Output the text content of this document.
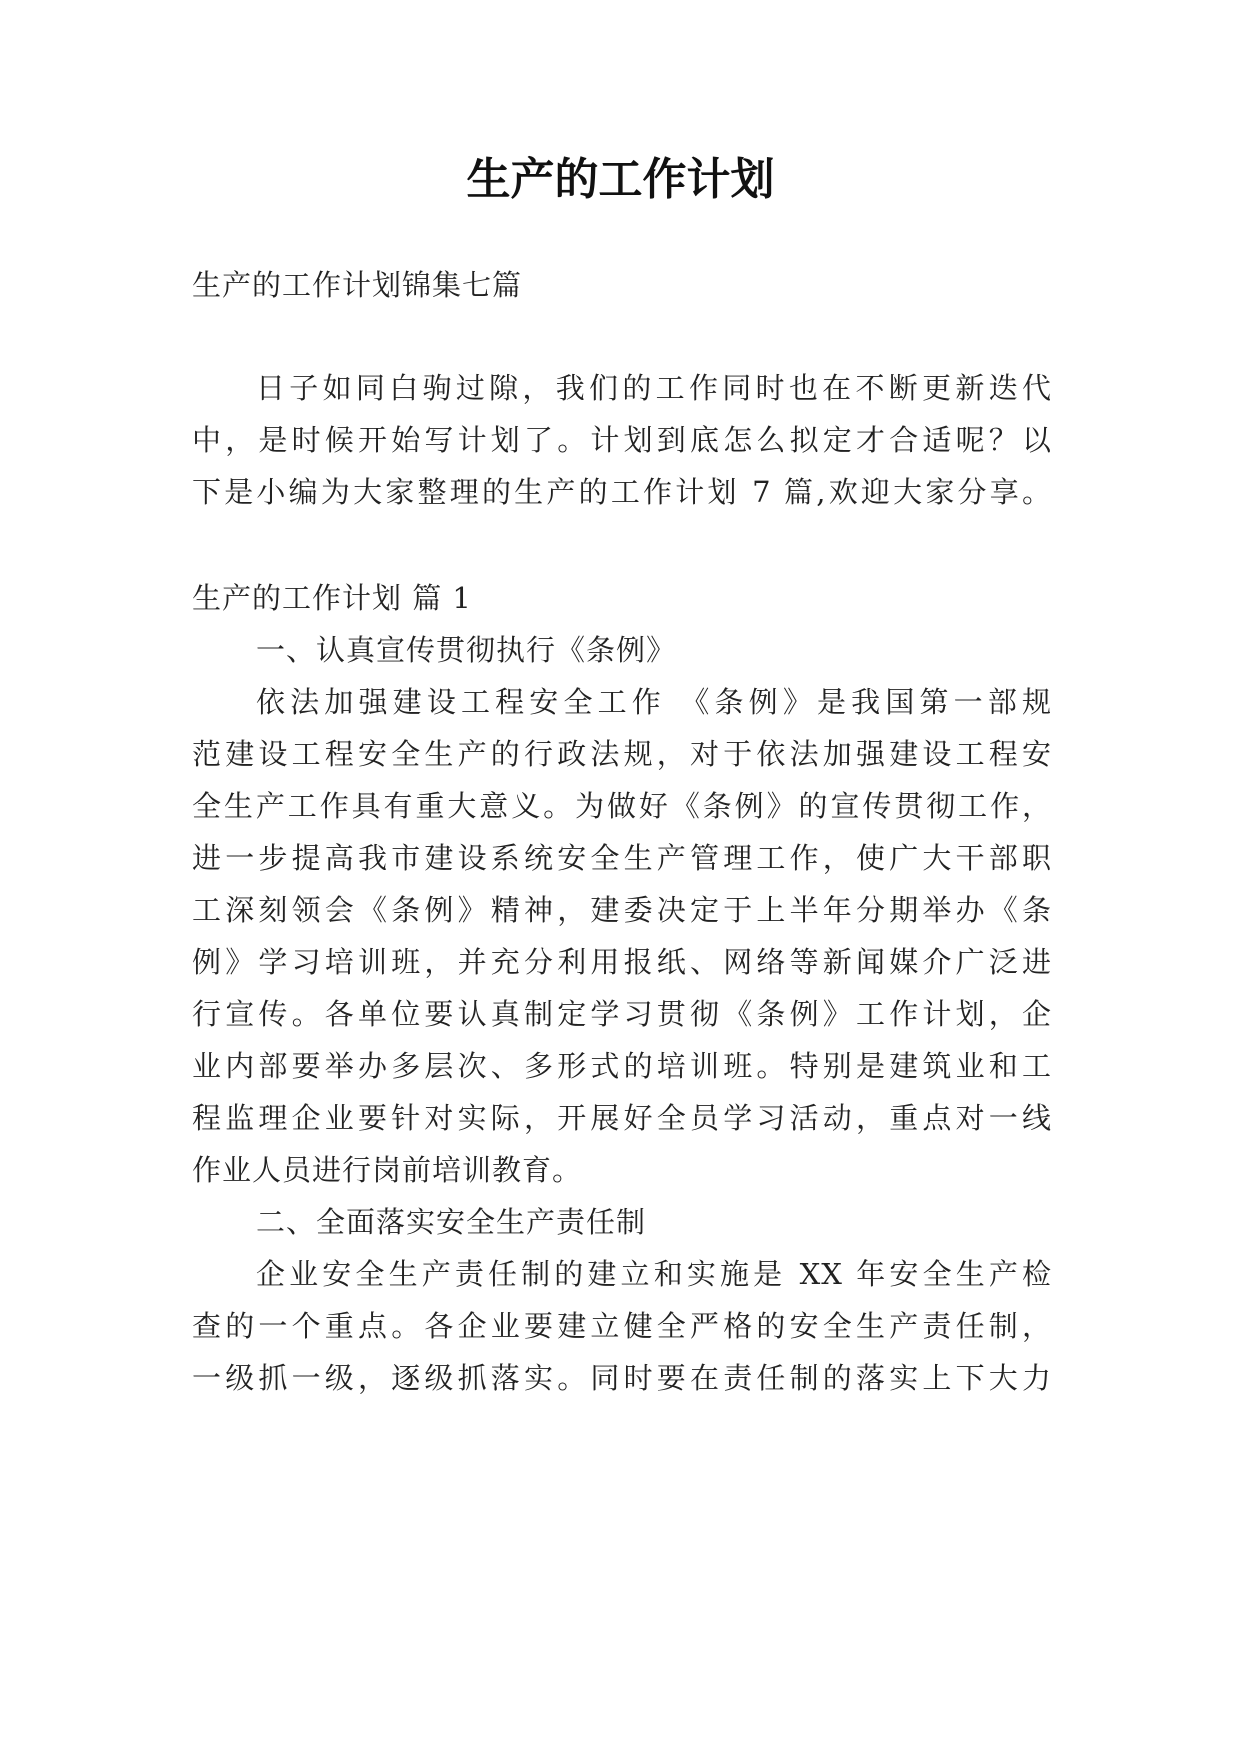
生产的工作计划
生产的工作计划锦集七篇
日子如同白驹过隙，我们的工作同时也在不断更新迭代
中，是时候开始写计划了。计划到底怎么拟定才合适呢？以
下是小编为大家整理的生产的工作计划 7 篇,欢迎大家分享。
生产的工作计划 篇 1
一、认真宣传贯彻执行《条例》
依法加强建设工程安全工作 《条例》是我国第一部规
范建设工程安全生产的行政法规，对于依法加强建设工程安
全生产工作具有重大意义。为做好《条例》的宣传贯彻工作，
进一步提高我市建设系统安全生产管理工作，使广大干部职
工深刻领会《条例》精神，建委决定于上半年分期举办《条
例》学习培训班，并充分利用报纸、网络等新闻媒介广泛进
行宣传。各单位要认真制定学习贯彻《条例》工作计划，企
业内部要举办多层次、多形式的培训班。特别是建筑业和工
程监理企业要针对实际，开展好全员学习活动，重点对一线
作业人员进行岗前培训教育。
二、全面落实安全生产责任制
企业安全生产责任制的建立和实施是 XX 年安全生产检
查的一个重点。各企业要建立健全严格的安全生产责任制，
一级抓一级，逐级抓落实。同时要在责任制的落实上下大力
